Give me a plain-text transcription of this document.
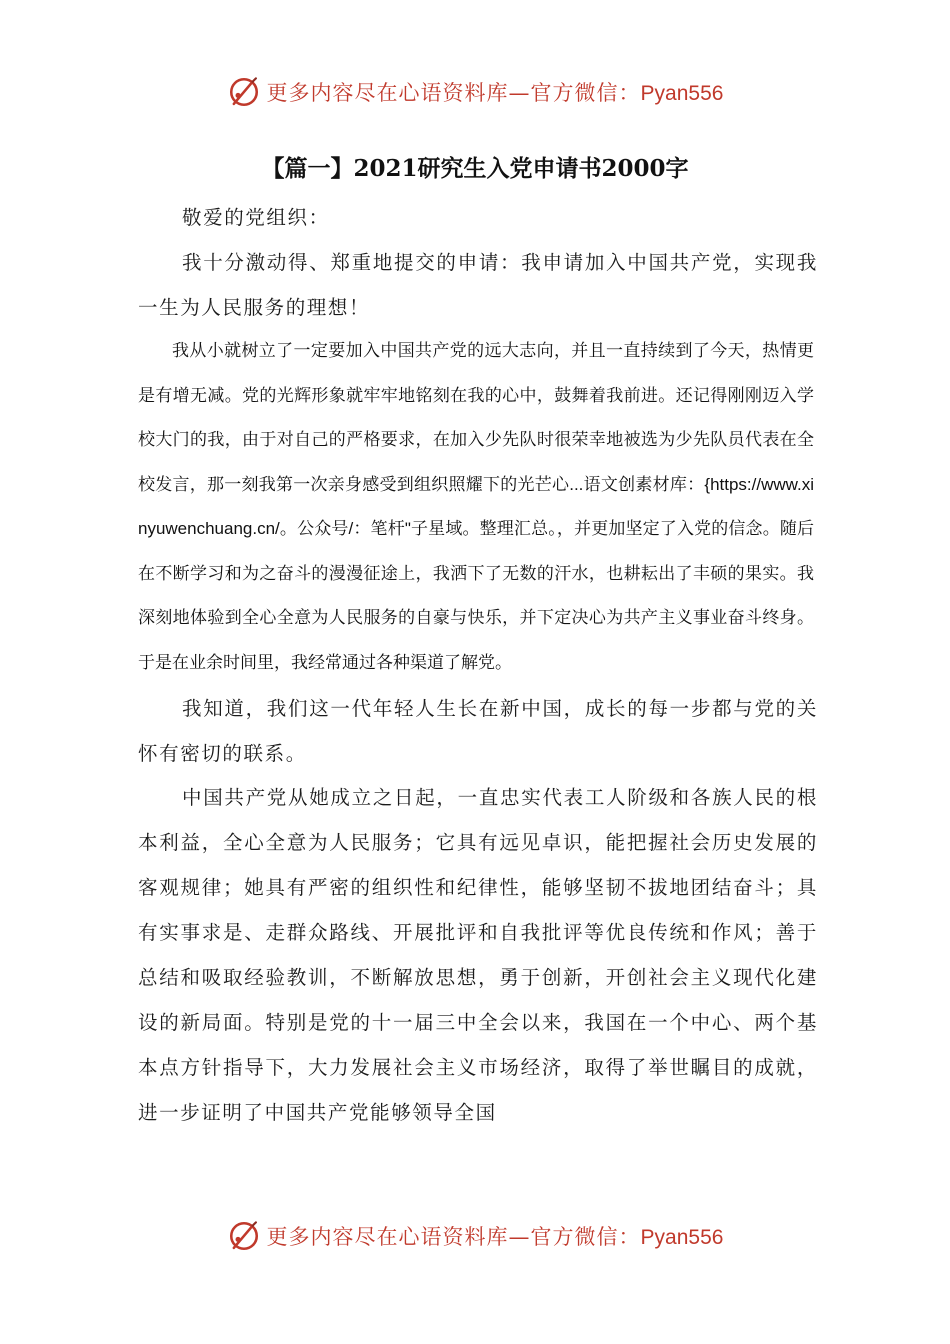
更多内容尽在心语资料库—官方微信：Pyan556
【篇一】2021研究生入党申请书2000字

敬爱的党组织：

我十分激动得、郑重地提交的申请：我申请加入中国共产党，实现我一生为人民服务的理想！

我从小就树立了一定要加入中国共产党的远大志向，并且一直持续到了今天，热情更是有增无减。党的光辉形象就牢牢地铭刻在我的心中，鼓舞着我前进。还记得刚刚迈入学校大门的我，由于对自己的严格要求，在加入少先队时很荣幸地被选为少先队员代表在全校发言，那一刻我第一次亲身感受到组织照耀下的光芒心...语文创素材库：{https://www.xinyuwenchuang.cn/。公众号/：笔杆"子星域。整理汇总。，并更加坚定了入党的信念。随后在不断学习和为之奋斗的漫漫征途上，我洒下了无数的汗水，也耕耘出了丰硕的果实。我深刻地体验到全心全意为人民服务的自豪与快乐，并下定决心为共产主义事业奋斗终身。于是在业余时间里，我经常通过各种渠道了解党。

我知道，我们这一代年轻人生长在新中国，成长的每一步都与党的关怀有密切的联系。

中国共产党从她成立之日起，一直忠实代表工人阶级和各族人民的根本利益，全心全意为人民服务；它具有远见卓识，能把握社会历史发展的客观规律；她具有严密的组织性和纪律性，能够坚韧不拔地团结奋斗；具有实事求是、走群众路线、开展批评和自我批评等优良传统和作风；善于总结和吸取经验教训，不断解放思想，勇于创新，开创社会主义现代化建设的新局面。特别是党的十一届三中全会以来，我国在一个中心、两个基本点方针指导下，大力发展社会主义市场经济，取得了举世瞩目的成就，进一步证明了中国共产党能够领导全国

更多内容尽在心语资料库—官方微信：Pyan556
